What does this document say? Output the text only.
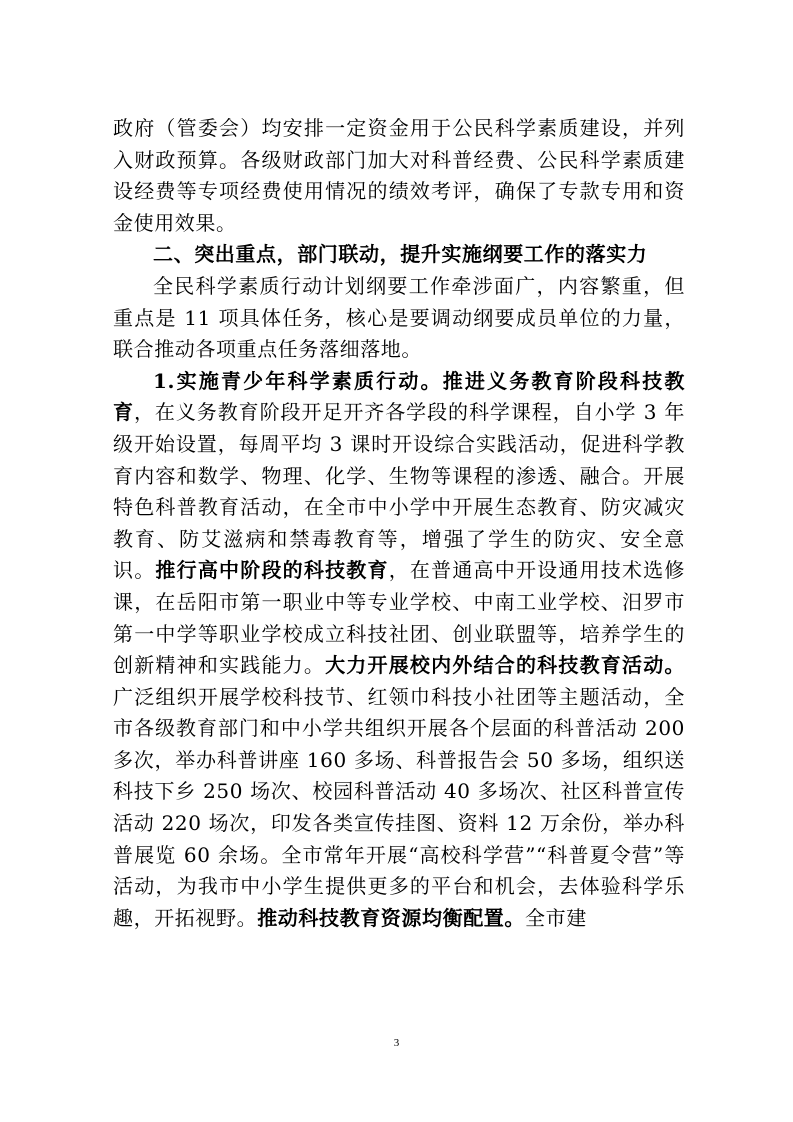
政府（管委会）均安排一定资金用于公民科学素质建设，并列入财政预算。各级财政部门加大对科普经费、公民科学素质建设经费等专项经费使用情况的绩效考评，确保了专款专用和资金使用效果。

二、突出重点，部门联动，提升实施纲要工作的落实力

全民科学素质行动计划纲要工作牵涉面广，内容繁重，但重点是 11 项具体任务，核心是要调动纲要成员单位的力量，联合推动各项重点任务落细落地。

1.实施青少年科学素质行动。推进义务教育阶段科技教育，在义务教育阶段开足开齐各学段的科学课程，自小学 3 年级开始设置，每周平均 3 课时开设综合实践活动，促进科学教育内容和数学、物理、化学、生物等课程的渗透、融合。开展特色科普教育活动，在全市中小学中开展生态教育、防灾减灾教育、防艾滋病和禁毒教育等，增强了学生的防灾、安全意识。推行高中阶段的科技教育，在普通高中开设通用技术选修课，在岳阳市第一职业中等专业学校、中南工业学校、汨罗市第一中学等职业学校成立科技社团、创业联盟等，培养学生的创新精神和实践能力。大力开展校内外结合的科技教育活动。广泛组织开展学校科技节、红领巾科技小社团等主题活动，全市各级教育部门和中小学共组织开展各个层面的科普活动 200 多次，举办科普讲座 160 多场、科普报告会 50 多场，组织送科技下乡 250 场次、校园科普活动 40 多场次、社区科普宣传活动 220 场次，印发各类宣传挂图、资料 12 万余份，举办科普展览 60 余场。全市常年开展“高校科学营”“科普夏令营”等活动，为我市中小学生提供更多的平台和机会，去体验科学乐趣，开拓视野。推动科技教育资源均衡配置。全市建

3
